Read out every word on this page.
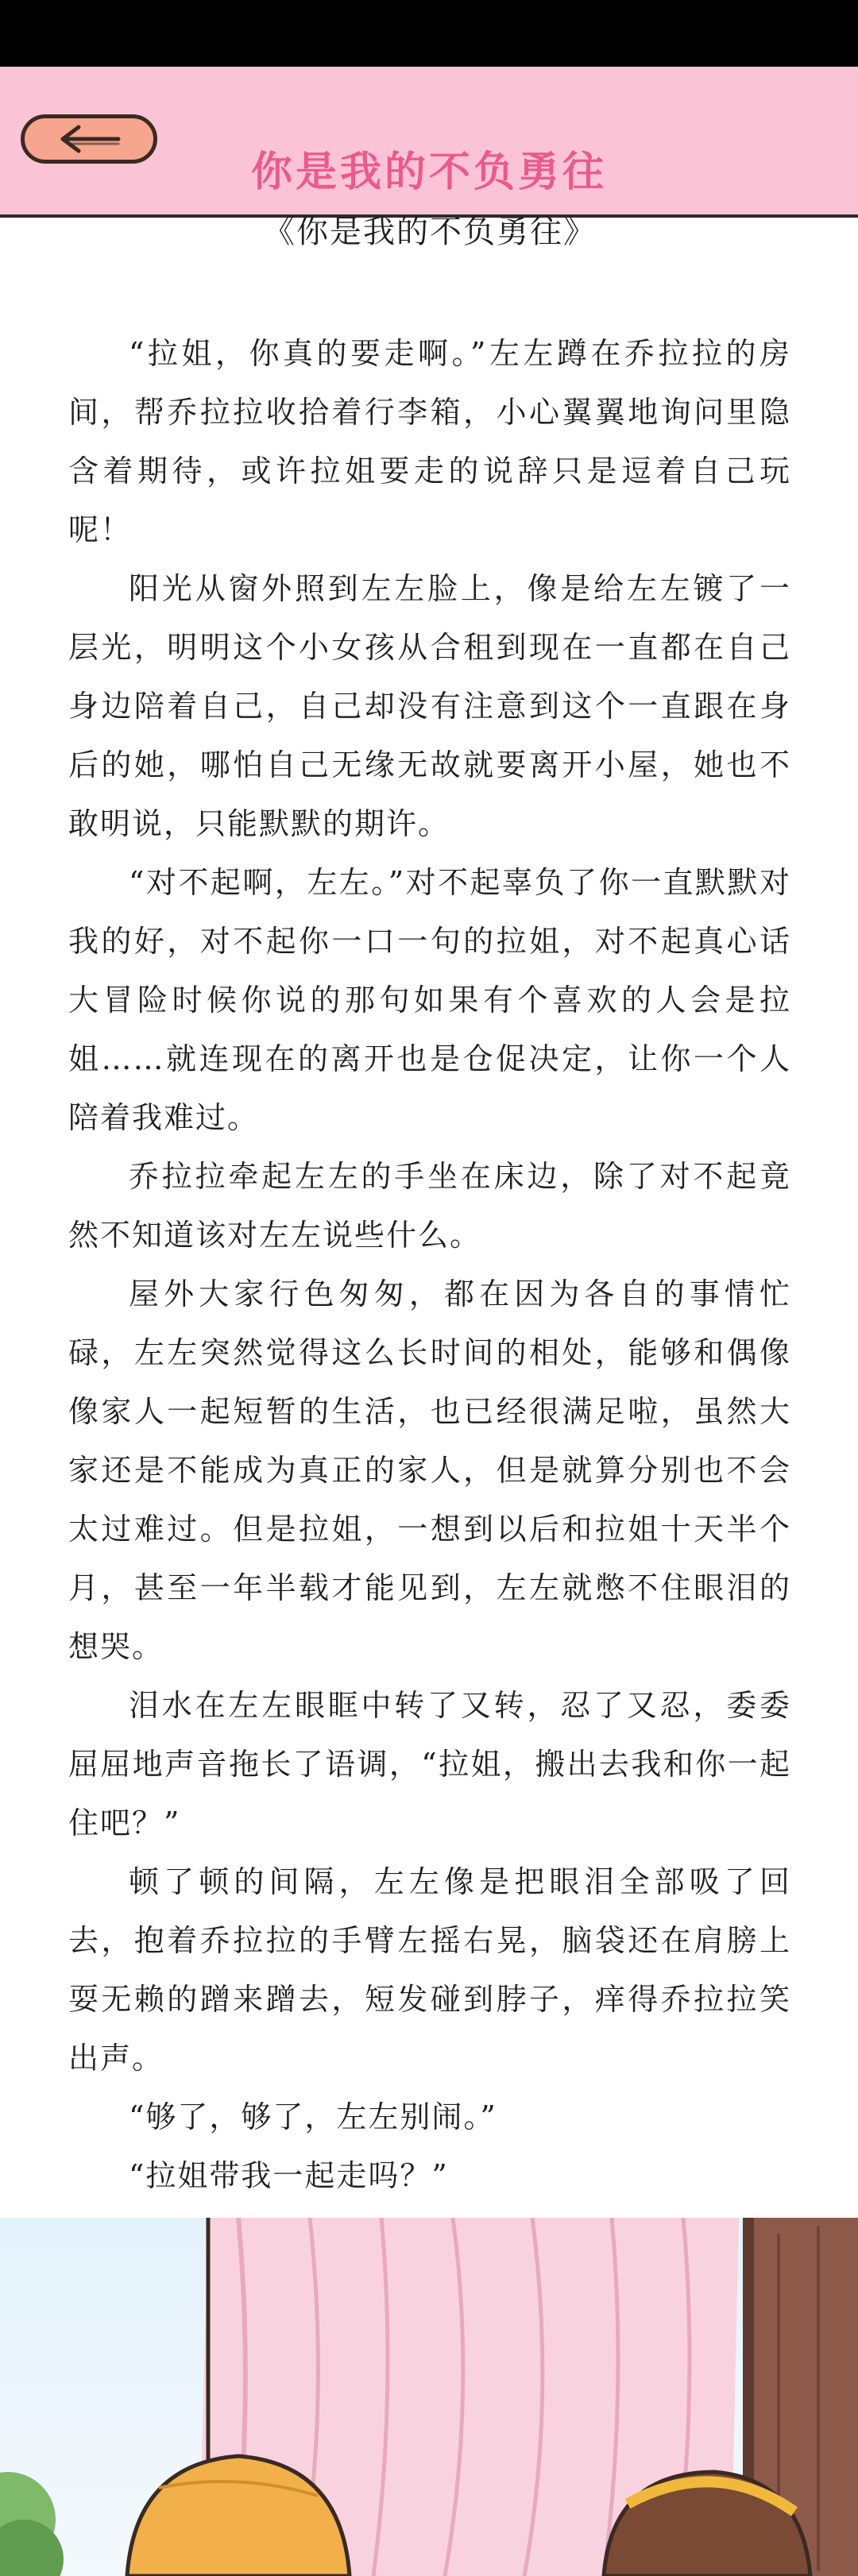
你是我的不负勇往
《你是我的不负勇往》

“拉姐，你真的要走啊。”左左蹲在乔拉拉的房间，帮乔拉拉收拾着行李箱，小心翼翼地询问里隐含着期待，或许拉姐要走的说辞只是逗着自己玩呢！

阳光从窗外照到左左脸上，像是给左左镀了一层光，明明这个小女孩从合租到现在一直都在自己身边陪着自己，自己却没有注意到这个一直跟在身后的她，哪怕自己无缘无故就要离开小屋，她也不敢明说，只能默默的期许。

“对不起啊，左左。”对不起辜负了你一直默默对我的好，对不起你一口一句的拉姐，对不起真心话大冒险时候你说的那句如果有个喜欢的人会是拉姐……就连现在的离开也是仓促决定，让你一个人陪着我难过。

乔拉拉牵起左左的手坐在床边，除了对不起竟然不知道该对左左说些什么。

屋外大家行色匆匆，都在因为各自的事情忙碌，左左突然觉得这么长时间的相处，能够和偶像像家人一起短暂的生活，也已经很满足啦，虽然大家还是不能成为真正的家人，但是就算分别也不会太过难过。但是拉姐，一想到以后和拉姐十天半个月，甚至一年半载才能见到，左左就憋不住眼泪的想哭。

泪水在左左眼眶中转了又转，忍了又忍，委委屈屈地声音拖长了语调，“拉姐，搬出去我和你一起住吧？”

顿了顿的间隔，左左像是把眼泪全部吸了回去，抱着乔拉拉的手臂左摇右晃，脑袋还在肩膀上耍无赖的蹭来蹭去，短发碰到脖子，痒得乔拉拉笑出声。

“够了，够了，左左别闹。”

“拉姐带我一起走吗？”
